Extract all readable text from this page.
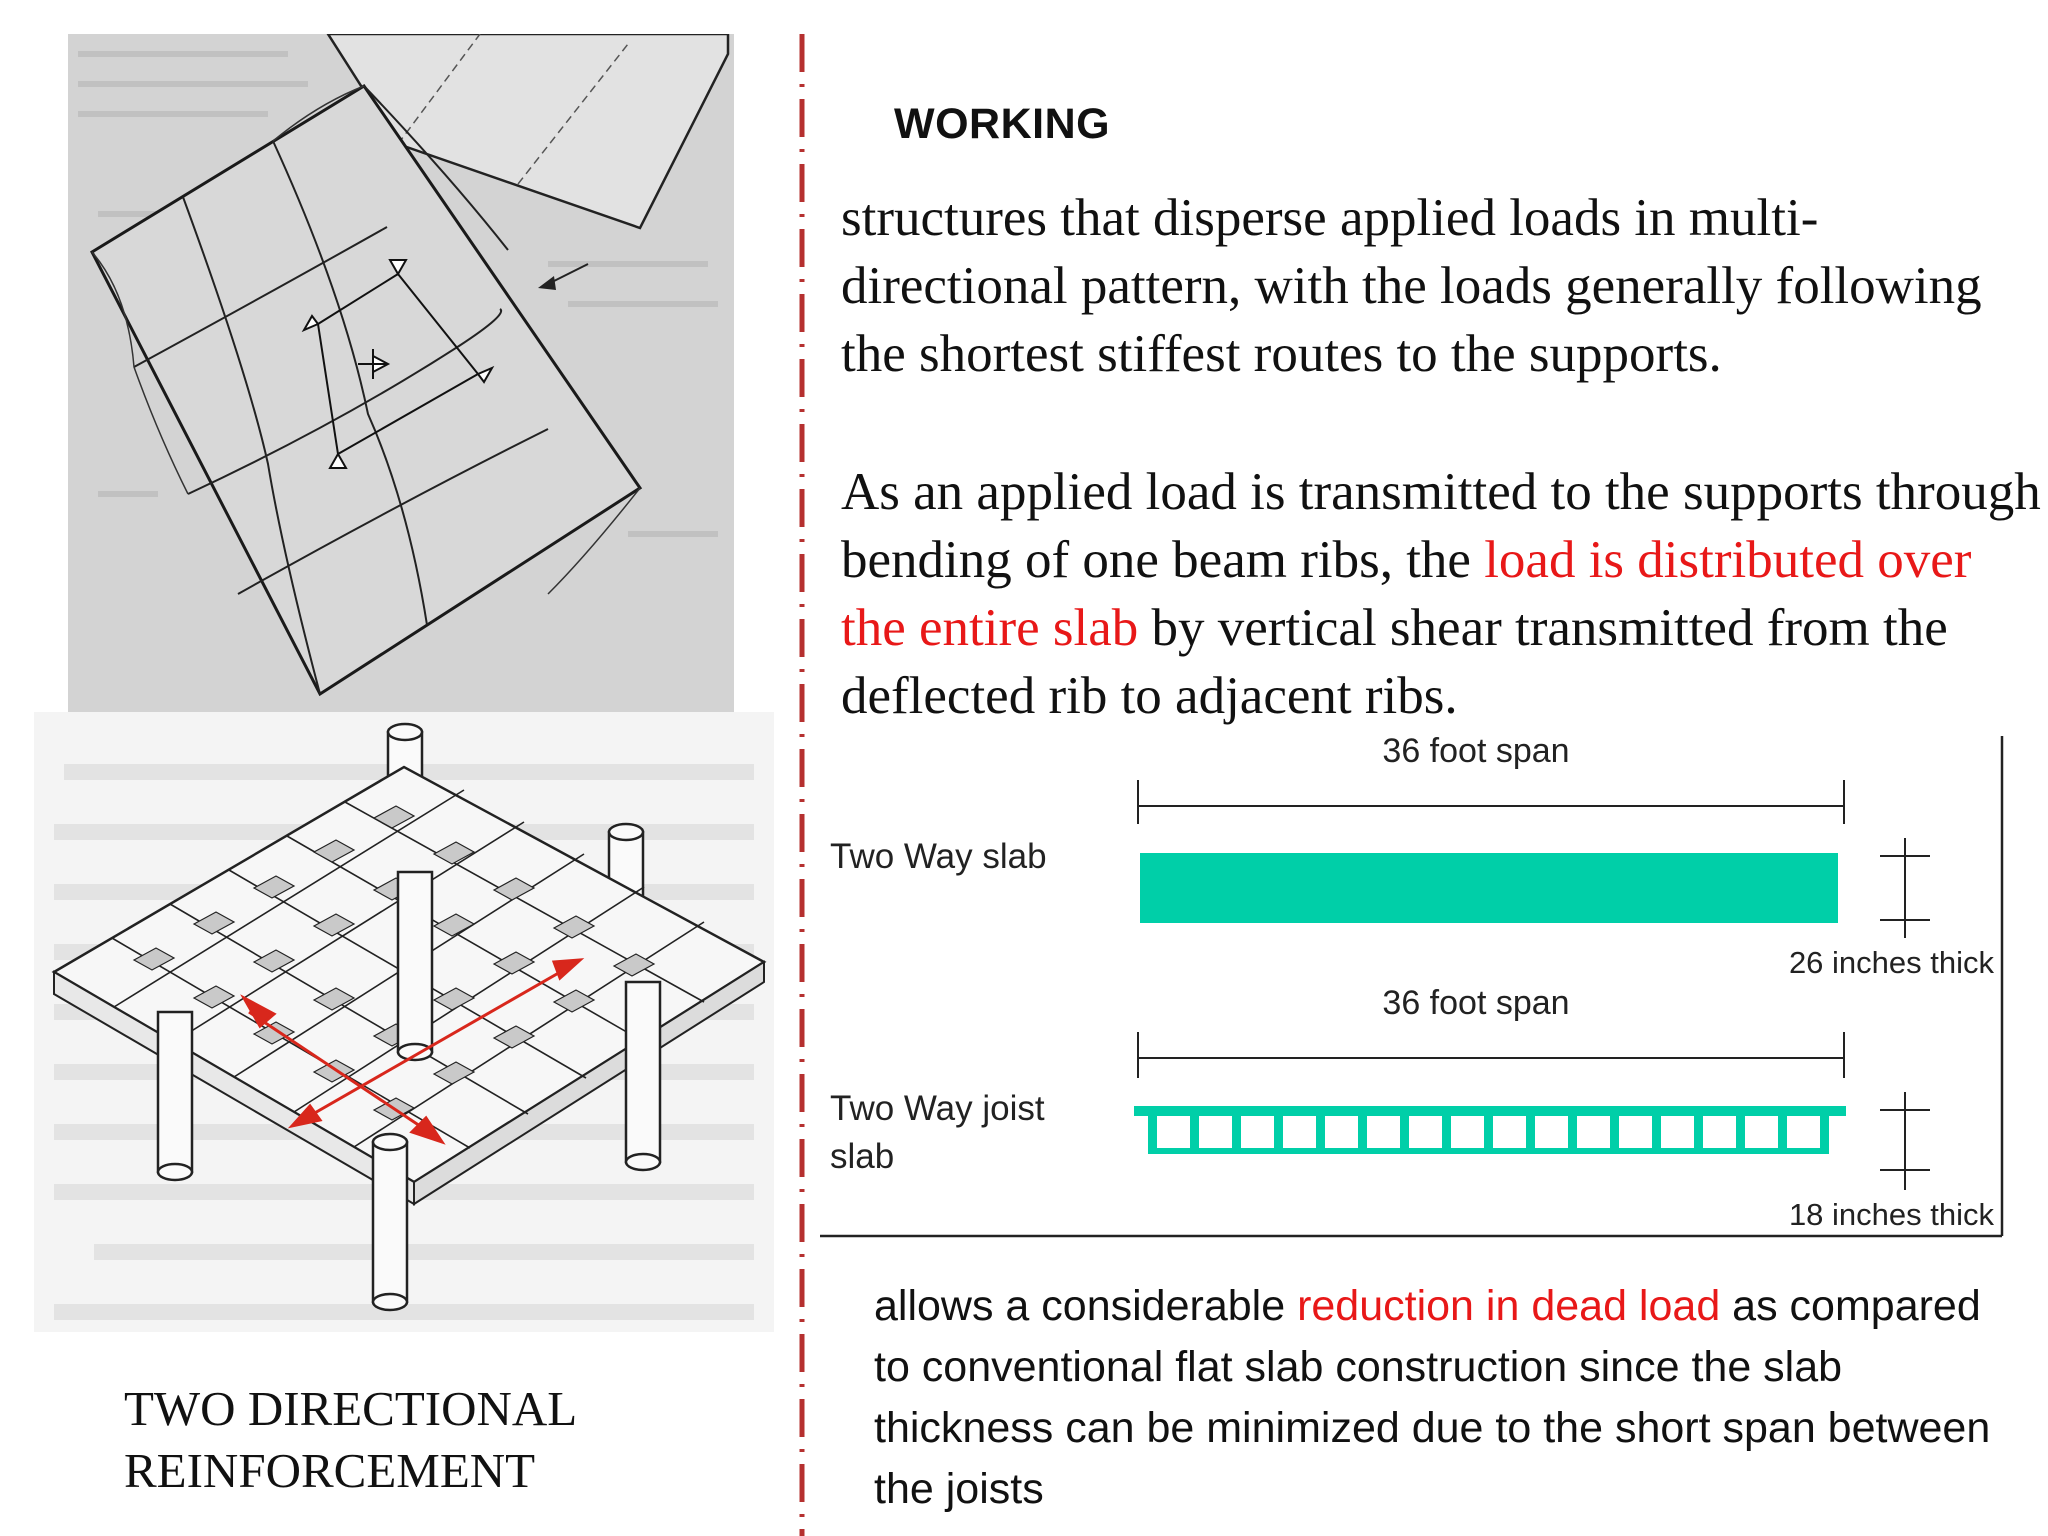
TWO DIRECTIONAL
REINFORCEMENT
WORKING
structures that disperse applied loads in multi-directional pattern, with the loads generally following the shortest stiffest routes to the supports.
As an applied load is transmitted to the supports through bending of one beam ribs, the load is distributed over the entire slab by vertical shear transmitted from the deflected rib to adjacent ribs.
36 foot span
Two Way slab
26 inches thick
36 foot span
Two Way joist
slab
18 inches thick
allows a considerable reduction in dead load as compared to conventional flat slab construction since the slab thickness can be minimized due to the short span between the joists
